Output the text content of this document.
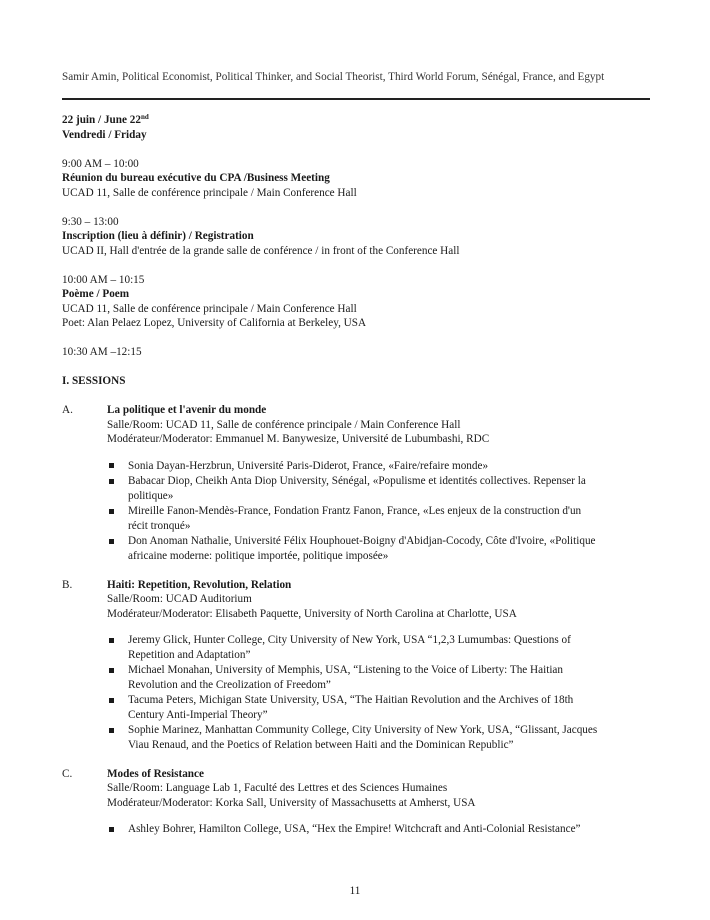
Samir Amin, Political Economist, Political Thinker, and Social Theorist, Third World Forum, Sénégal, France, and Egypt

22 juin / June 22nd

Vendredi / Friday

9:00 AM – 10:00

Réunion du bureau exécutive du CPA /Business Meeting

UCAD 11, Salle de conférence principale / Main Conference Hall

9:30 – 13:00

Inscription (lieu à définir) / Registration

UCAD II, Hall d'entrée de la grande salle de conférence / in front of the Conference Hall

10:00 AM – 10:15

Poème / Poem

UCAD 11, Salle de conférence principale / Main Conference Hall

Poet: Alan Pelaez Lopez, University of California at Berkeley, USA

10:30 AM –12:15

I. SESSIONS

A.	La politique et l'avenir du monde

Salle/Room: UCAD 11, Salle de conférence principale / Main Conference Hall

Modérateur/Moderator: Emmanuel M. Banywesize, Université de Lubumbashi, RDC

Sonia Dayan-Herzbrun, Université Paris-Diderot, France, «Faire/refaire monde»

Babacar Diop, Cheikh Anta Diop University, Sénégal, «Populisme et identités collectives. Repenser la

politique»

Mireille Fanon-Mendès-France, Fondation Frantz Fanon, France, «Les enjeux de la construction d'un

récit tronqué»

Don Anoman Nathalie, Université Félix Houphouet-Boigny d'Abidjan-Cocody, Côte d'Ivoire, «Politique

africaine moderne: politique importée, politique imposée»

B.	Haiti: Repetition, Revolution, Relation

Salle/Room: UCAD Auditorium

Modérateur/Moderator: Elisabeth Paquette, University of North Carolina at Charlotte, USA

Jeremy Glick, Hunter College, City University of New York, USA “1,2,3 Lumumbas: Questions of

Repetition and Adaptation”

Michael Monahan, University of Memphis, USA, “Listening to the Voice of Liberty: The Haitian

Revolution and the Creolization of Freedom”

Tacuma Peters, Michigan State University, USA, “The Haitian Revolution and the Archives of 18th

Century Anti-Imperial Theory”

Sophie Marinez, Manhattan Community College, City University of New York, USA, “Glissant, Jacques

Viau Renaud, and the Poetics of Relation between Haiti and the Dominican Republic”

C.	Modes of Resistance

Salle/Room: Language Lab 1, Faculté des Lettres et des Sciences Humaines

Modérateur/Moderator: Korka Sall, University of Massachusetts at Amherst, USA

Ashley Bohrer, Hamilton College, USA, “Hex the Empire! Witchcraft and Anti-Colonial Resistance”

11
